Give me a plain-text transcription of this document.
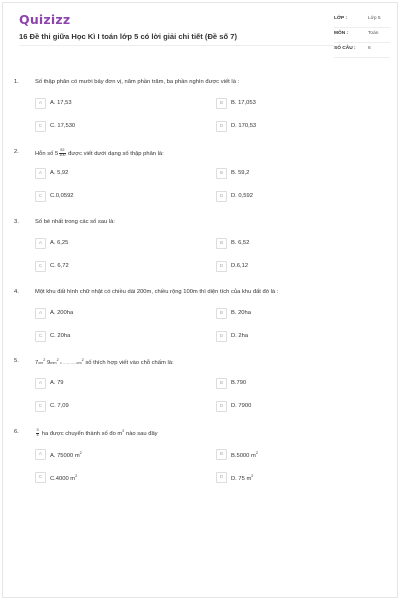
Quizizz
16 Đề thi giữa Học Kì I toán lớp 5 có lời giải chi tiết (Đề số 7)
LỚP :	Lớp 5
MÔN :	Toán
SỐ CÂU :	6
1.	Số thập phân có mười bảy đơn vị, năm phần trăm, ba phần nghìn được viết là :
A	A. 17,53	B	B. 17,053
C	C. 17,530	D	D. 170,53
2.	Hỗn số $5 \frac{92}{100}$ được viết dưới dạng số thập phân là:
A	A. 5,92	B	B. 59,2
C	C.0,0592	D	D. 0,592
3.	Số bé nhất trong các số sau là:
A	A. 6,25	B	B. 6,52
C	C. 6,72	D	D.6,12
4.	Một khu đất hình chữ nhật có chiều dài 200m, chiều rộng 100m thì diện tích của khu đất đó là :
A	A. 200ha	B	B. 20ha
C	C. 20ha	D	D. 2ha
5.	$7cm^2$ $9mm^2$ = $\dots\dots\dots..cm^2$ số thích hợp viết vào chỗ chấm là:
A	A. 79	B	B.790
C	C. 7,09	D	D. 7900
6.	$\frac{3}{4}$ ha được chuyển thành số đo $m^2$ nào sau đây
A	A. 75000 $m^2$	B	B.5000 $m^2$
C	C.4000 $m^2$	D	D. 75 $m^2$
